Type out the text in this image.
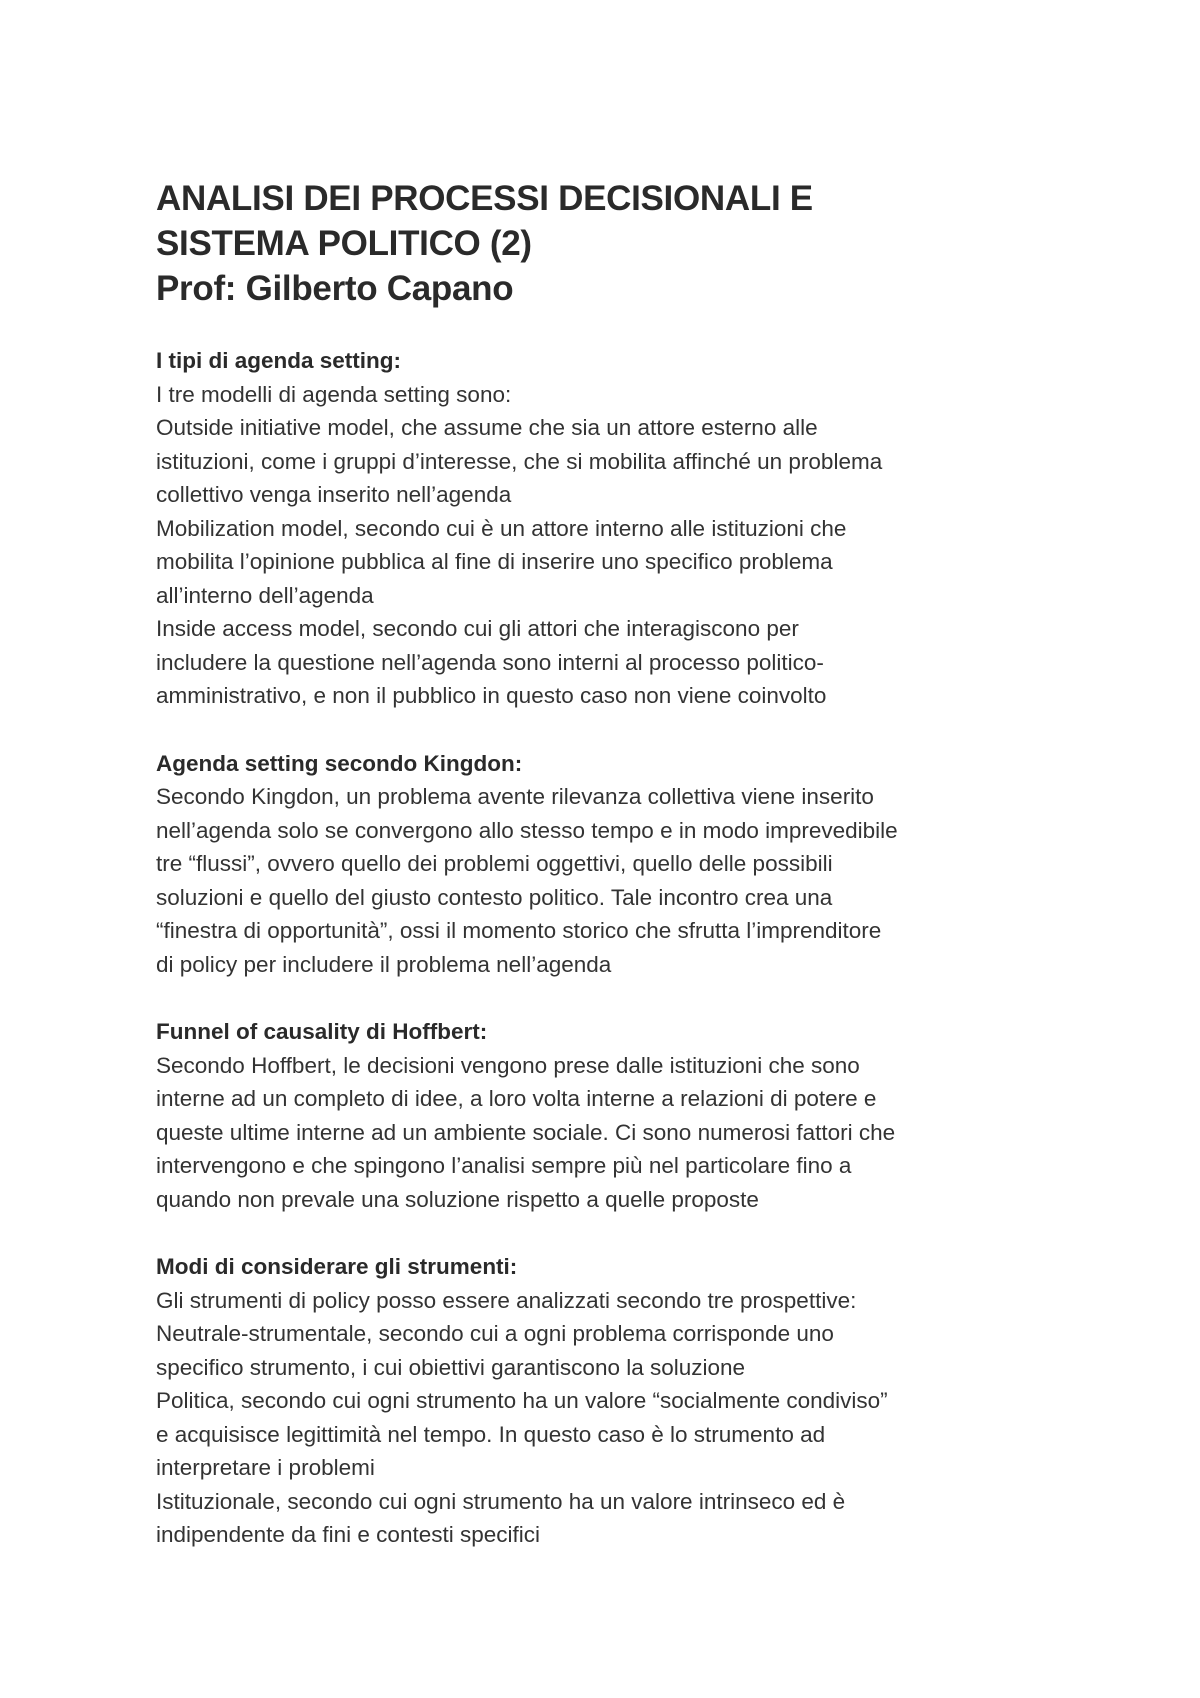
ANALISI DEI PROCESSI DECISIONALI E

SISTEMA POLITICO (2)

Prof: Gilberto Capano

I tipi di agenda setting:

I tre modelli di agenda setting sono:

Outside initiative model, che assume che sia un attore esterno alle

istituzioni, come i gruppi d’interesse, che si mobilita affinché un problema

collettivo venga inserito nell’agenda

Mobilization model, secondo cui è un attore interno alle istituzioni che

mobilita l’opinione pubblica al fine di inserire uno specifico problema

all’interno dell’agenda

Inside access model, secondo cui gli attori che interagiscono per

includere la questione nell’agenda sono interni al processo politico-

amministrativo, e non il pubblico in questo caso non viene coinvolto

Agenda setting secondo Kingdon:

Secondo Kingdon, un problema avente rilevanza collettiva viene inserito

nell’agenda solo se convergono allo stesso tempo e in modo imprevedibile

tre “flussi”, ovvero quello dei problemi oggettivi, quello delle possibili

soluzioni e quello del giusto contesto politico. Tale incontro crea una

“finestra di opportunità”, ossi il momento storico che sfrutta l’imprenditore

di policy per includere il problema nell’agenda

Funnel of causality di Hoffbert:

Secondo Hoffbert, le decisioni vengono prese dalle istituzioni che sono

interne ad un completo di idee, a loro volta interne a relazioni di potere e

queste ultime interne ad un ambiente sociale. Ci sono numerosi fattori che

intervengono e che spingono l’analisi sempre più nel particolare fino a

quando non prevale una soluzione rispetto a quelle proposte

Modi di considerare gli strumenti:

Gli strumenti di policy posso essere analizzati secondo tre prospettive:

Neutrale-strumentale, secondo cui a ogni problema corrisponde uno

specifico strumento, i cui obiettivi garantiscono la soluzione

Politica, secondo cui ogni strumento ha un valore “socialmente condiviso”

e acquisisce legittimità nel tempo. In questo caso è lo strumento ad

interpretare i problemi

Istituzionale, secondo cui ogni strumento ha un valore intrinseco ed è

indipendente da fini e contesti specifici
